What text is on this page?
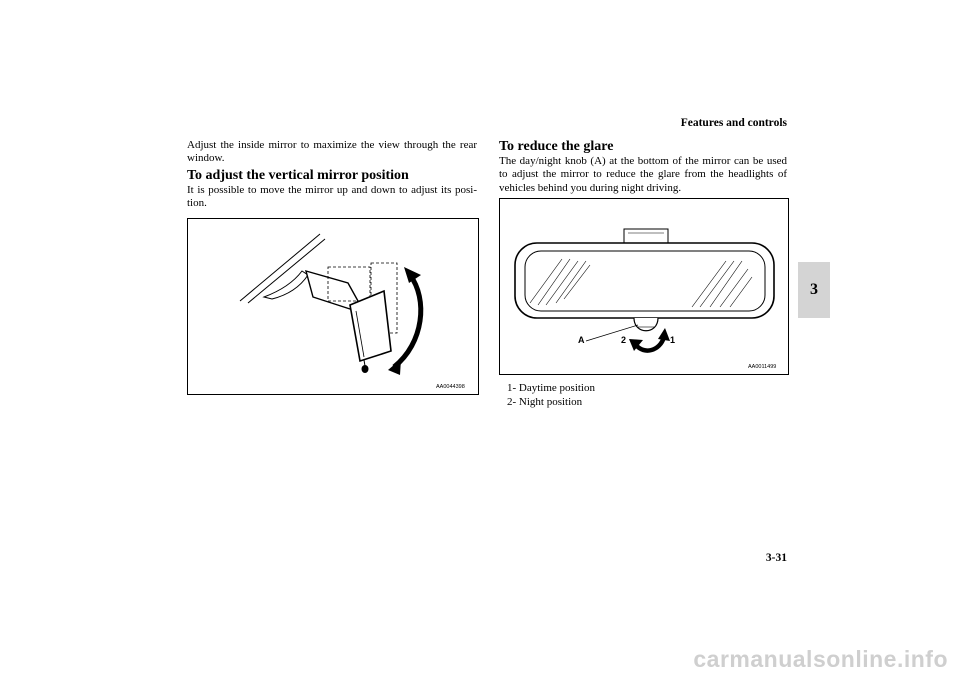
Features and controls
3
Adjust the inside mirror to maximize the view through the rear window.
To adjust the vertical mirror position
It is possible to move the mirror up and down to adjust its posi-tion.
AA0044398
To reduce the glare
The day/night knob (A) at the bottom of the mirror can be used to adjust the mirror to reduce the glare from the headlights of vehicles behind you during night driving.
A	2	1
AA0011499
1- Daytime position
2- Night position
3-31
carmanualsonline.info
